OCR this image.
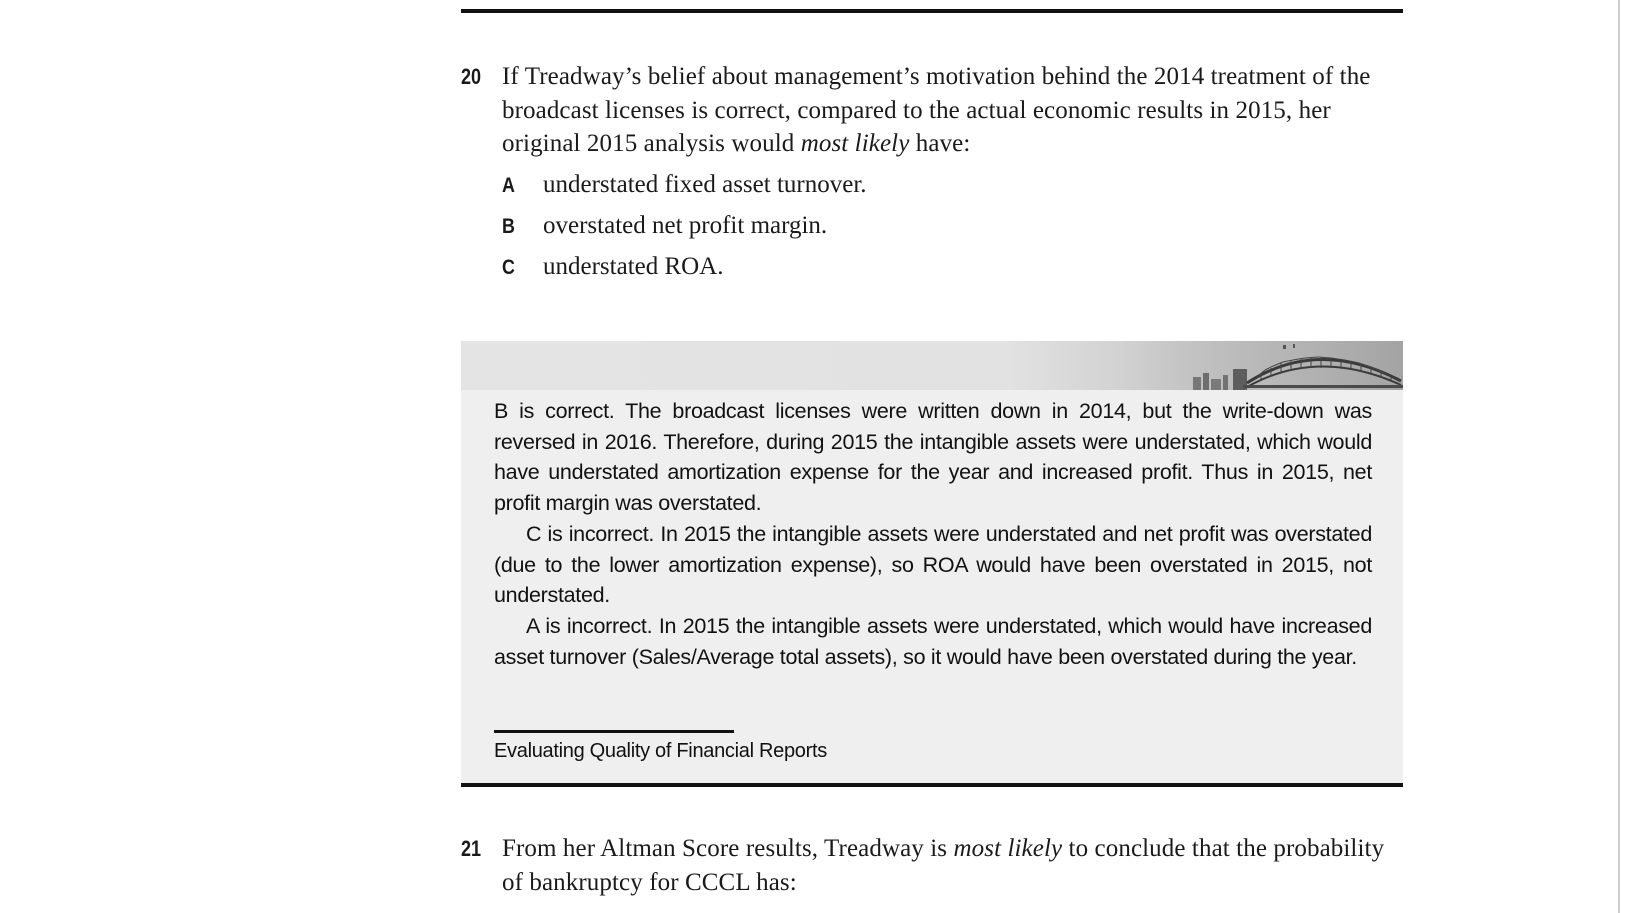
20 If Treadway’s belief about management’s motivation behind the 2014 treatment of the broadcast licenses is correct, compared to the actual economic results in 2015, her original 2015 analysis would most likely have:
A understated fixed asset turnover.
B overstated net profit margin.
C understated ROA.

B is correct. The broadcast licenses were written down in 2014, but the write-down was reversed in 2016. Therefore, during 2015 the intangible assets were understated, which would have understated amortization expense for the year and increased profit. Thus in 2015, net profit margin was overstated.

C is incorrect. In 2015 the intangible assets were understated and net profit was overstated (due to the lower amortization expense), so ROA would have been overstated in 2015, not understated.

A is incorrect. In 2015 the intangible assets were understated, which would have increased asset turnover (Sales/Average total assets), so it would have been overstated during the year.

Evaluating Quality of Financial Reports
21 From her Altman Score results, Treadway is most likely to conclude that the probability of bankruptcy for CCCL has:
